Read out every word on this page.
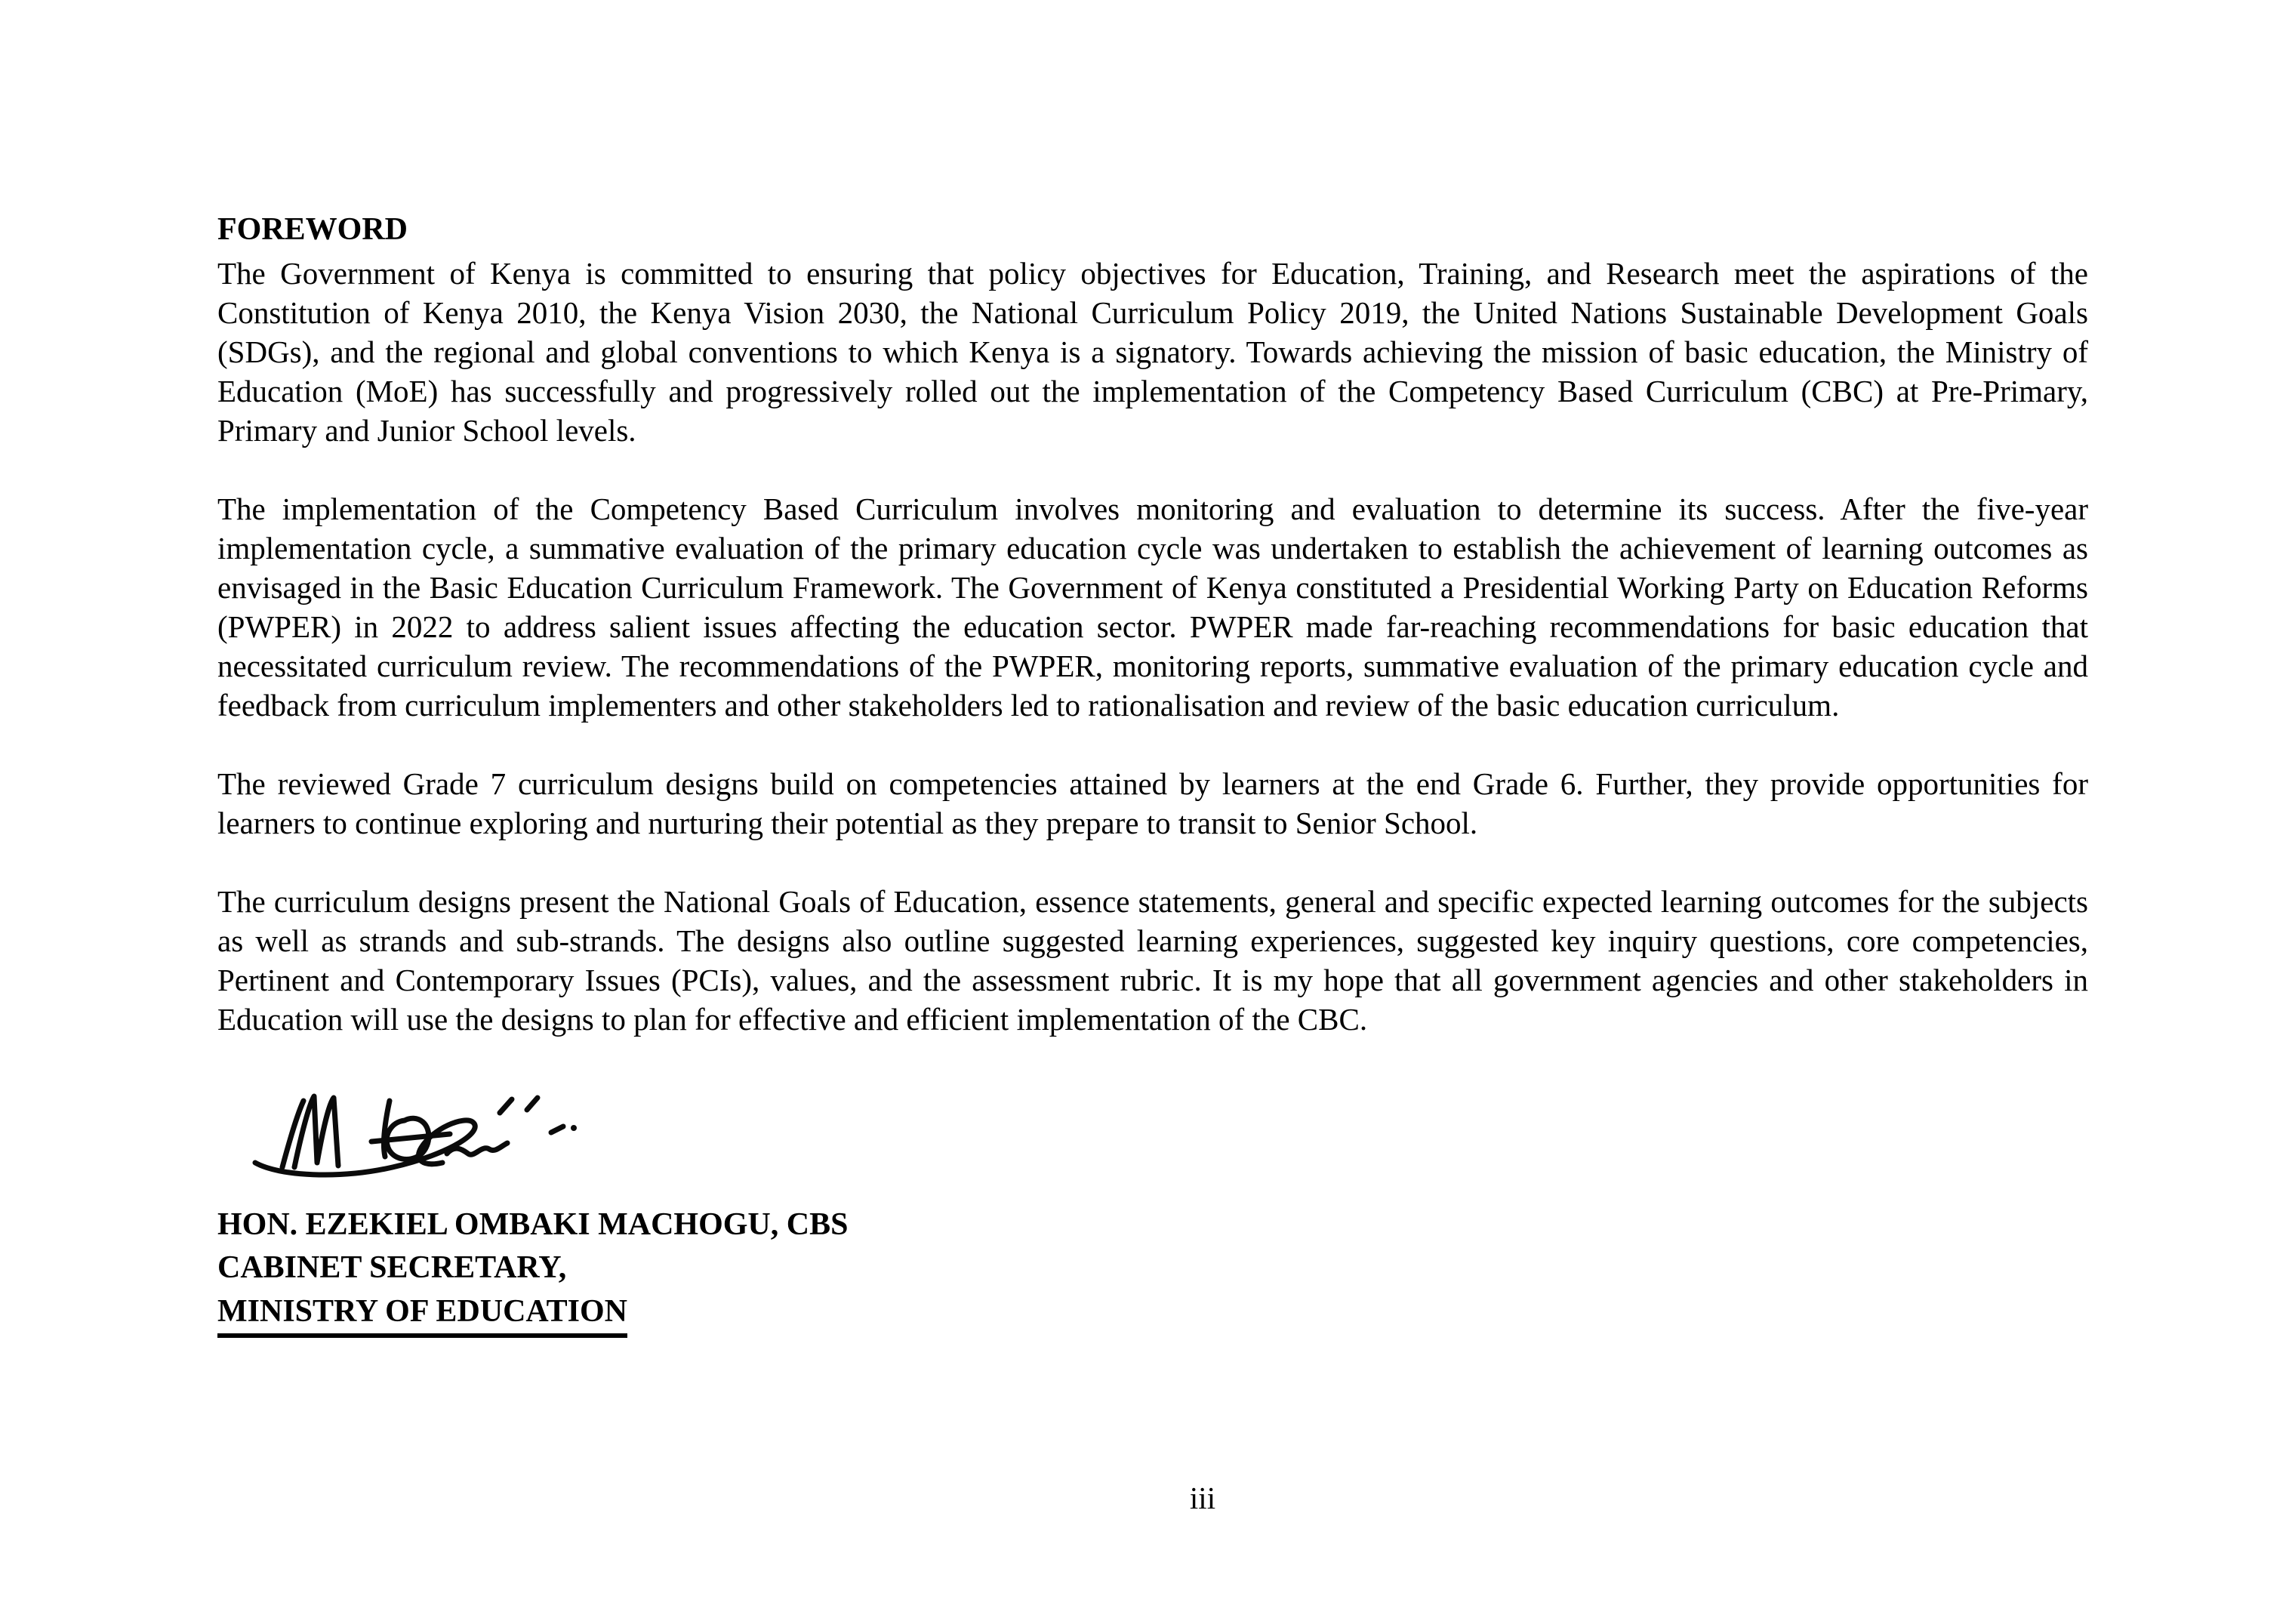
FOREWORD

The Government of Kenya is committed to ensuring that policy objectives for Education, Training, and Research meet the aspirations of the Constitution of Kenya 2010, the Kenya Vision 2030, the National Curriculum Policy 2019, the United Nations Sustainable Development Goals (SDGs), and the regional and global conventions to which Kenya is a signatory. Towards achieving the mission of basic education, the Ministry of Education (MoE) has successfully and progressively rolled out the implementation of the Competency Based Curriculum (CBC) at Pre-Primary, Primary and Junior School levels.

The implementation of the Competency Based Curriculum involves monitoring and evaluation to determine its success. After the five-year implementation cycle, a summative evaluation of the primary education cycle was undertaken to establish the achievement of learning outcomes as envisaged in the Basic Education Curriculum Framework. The Government of Kenya constituted a Presidential Working Party on Education Reforms (PWPER) in 2022 to address salient issues affecting the education sector. PWPER made far-reaching recommendations for basic education that necessitated curriculum review. The recommendations of the PWPER, monitoring reports, summative evaluation of the primary education cycle and feedback from curriculum implementers and other stakeholders led to rationalisation and review of the basic education curriculum.

The reviewed Grade 7 curriculum designs build on competencies attained by learners at the end Grade 6. Further, they provide opportunities for learners to continue exploring and nurturing their potential as they prepare to transit to Senior School.

The curriculum designs present the National Goals of Education, essence statements, general and specific expected learning outcomes for the subjects as well as strands and sub-strands. The designs also outline suggested learning experiences, suggested key inquiry questions, core competencies, Pertinent and Contemporary Issues (PCIs), values, and the assessment rubric. It is my hope that all government agencies and other stakeholders in Education will use the designs to plan for effective and efficient implementation of the CBC.

HON. EZEKIEL OMBAKI MACHOGU, CBS
CABINET SECRETARY,
MINISTRY OF EDUCATION
iii
